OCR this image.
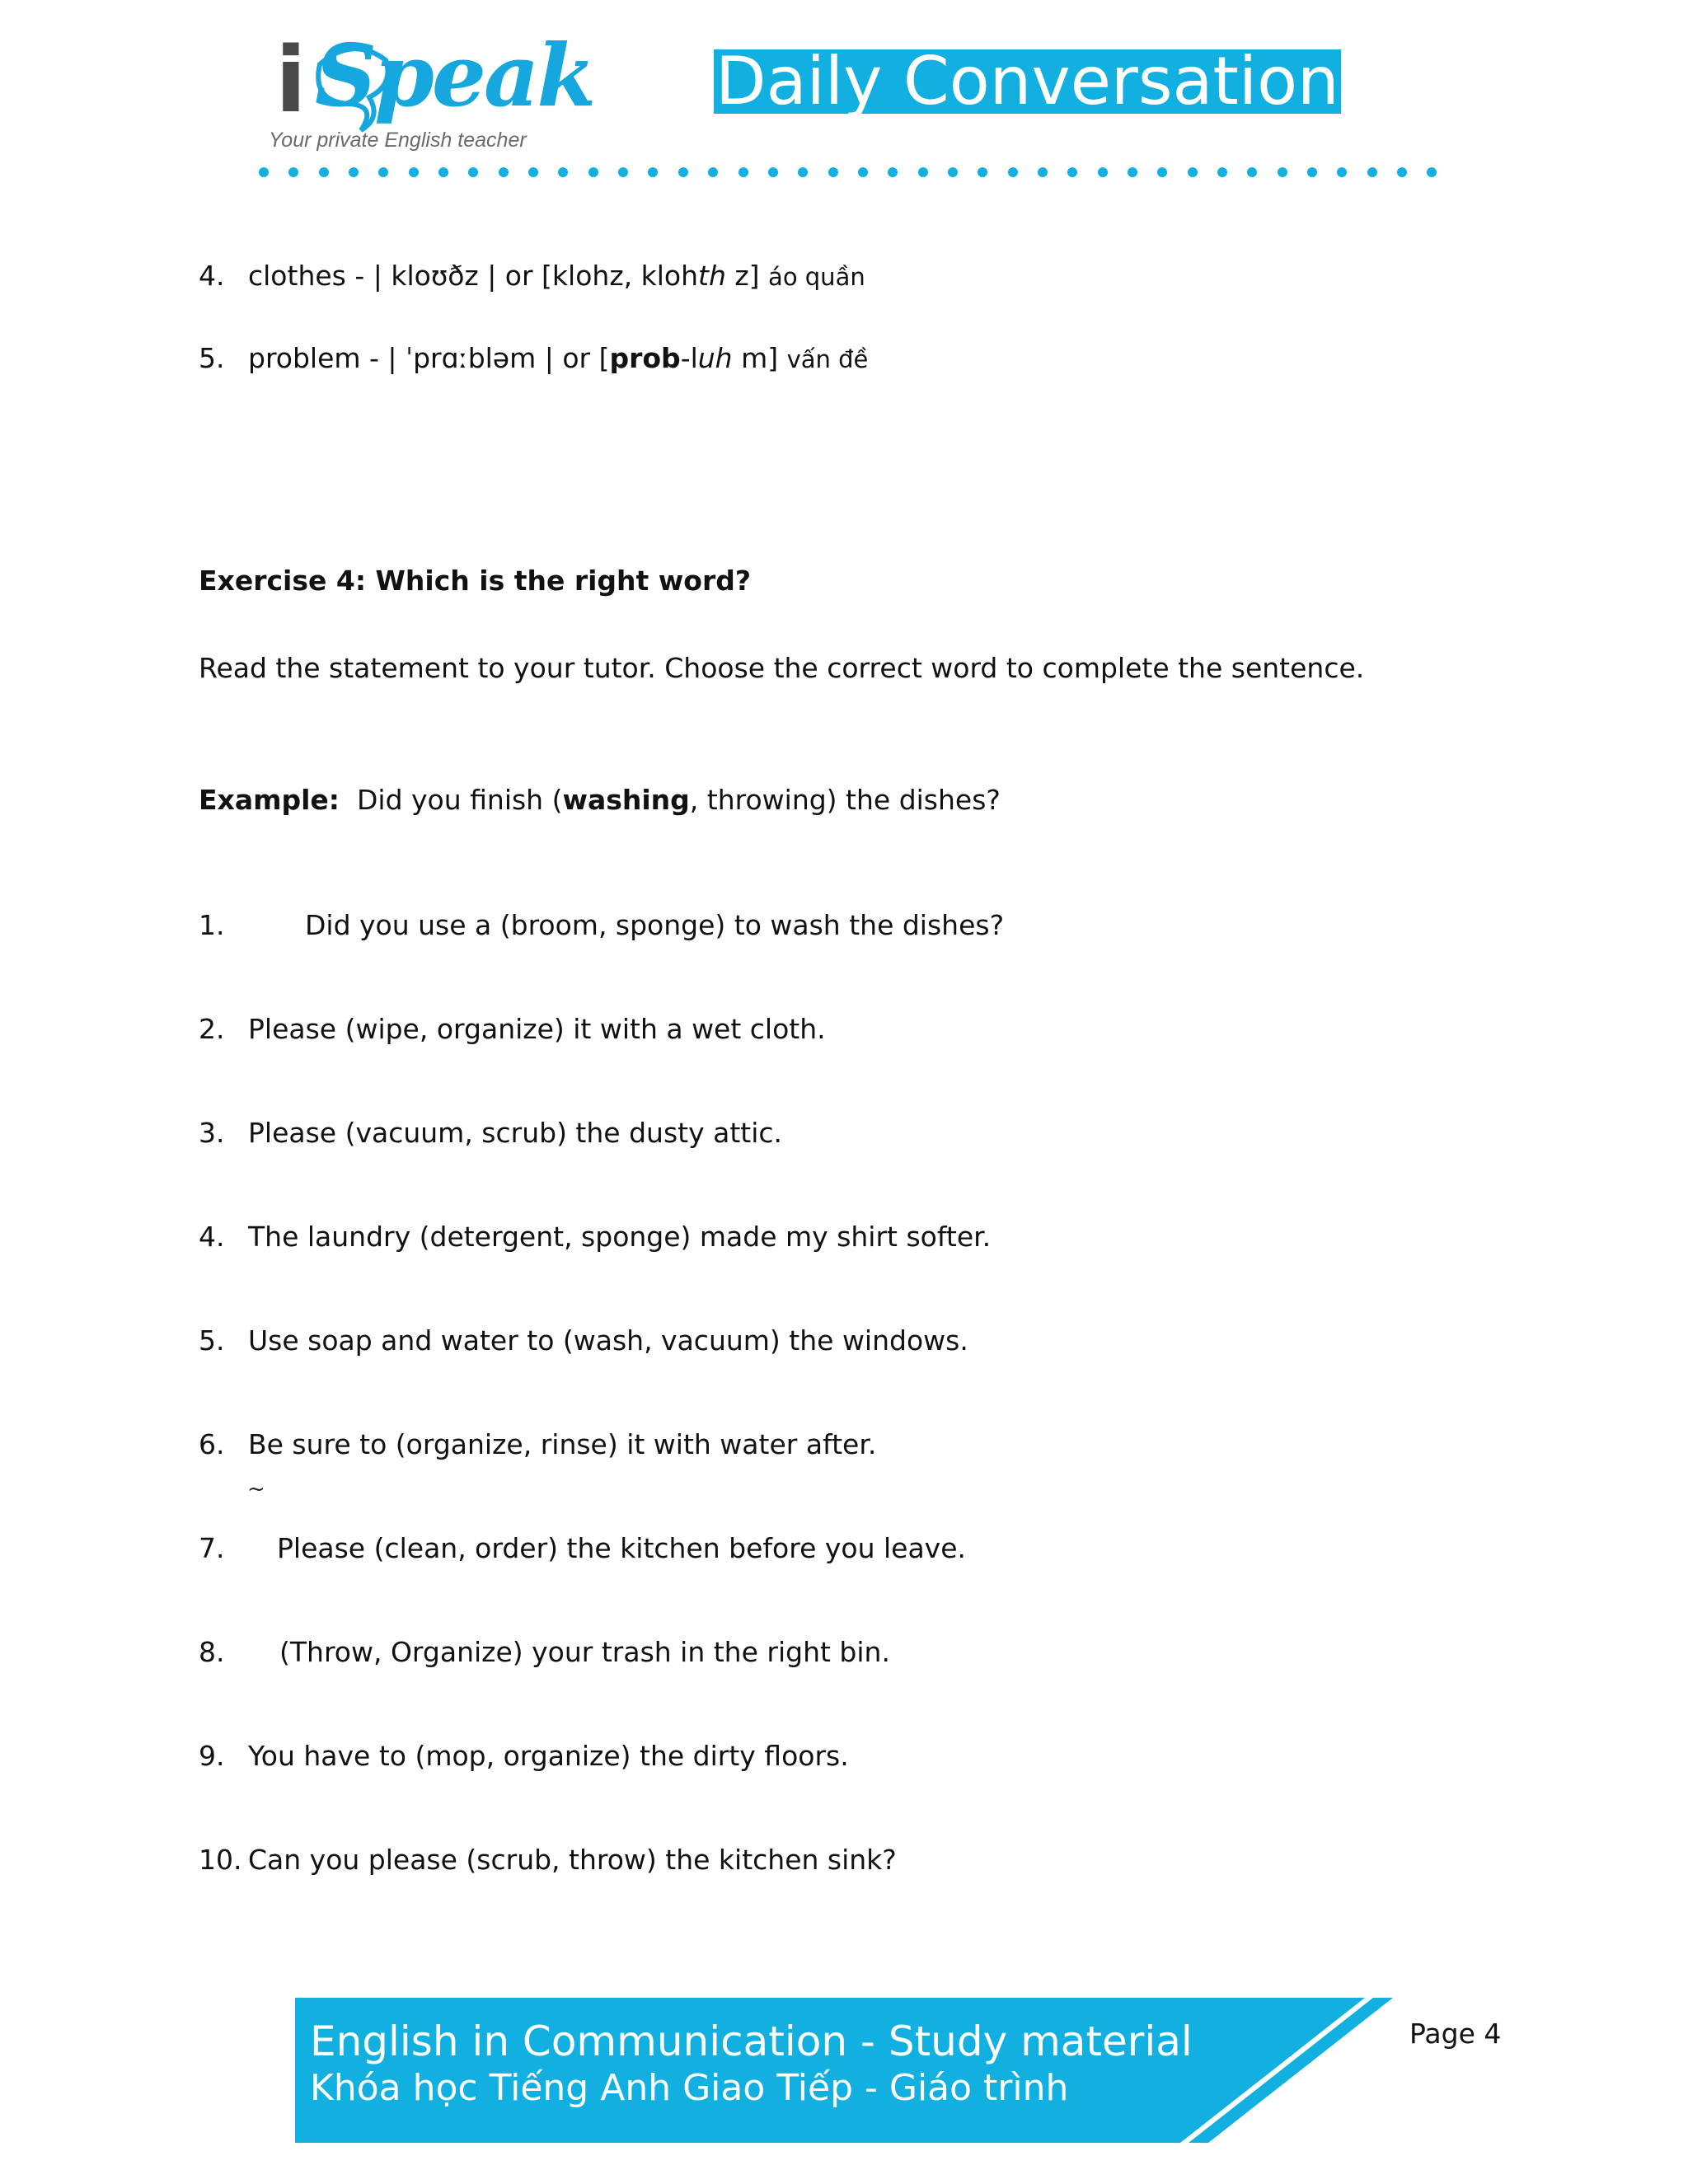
i Speak
Your private English teacher
Daily Conversation
4. clothes - | kloʊðz | or [klohz, klohth z] áo quần
5. problem - | ˈprɑːbləm | or [prob-luh m] vấn đề
Exercise 4: Which is the right word?
Read the statement to your tutor. Choose the correct word to complete the sentence.
Example: Did you finish (washing, throwing) the dishes?
1.	Did you use a (broom, sponge) to wash the dishes?
2. Please (wipe, organize) it with a wet cloth.
3. Please (vacuum, scrub) the dusty attic.
4. The laundry (detergent, sponge) made my shirt softer.
5. Use soap and water to (wash, vacuum) the windows.
6. Be sure to (organize, rinse) it with water after.
~
7. Please (clean, order) the kitchen before you leave.
8. (Throw, Organize) your trash in the right bin.
9. You have to (mop, organize) the dirty floors.
10. Can you please (scrub, throw) the kitchen sink?
English in Communication - Study material
Khóa học Tiếng Anh Giao Tiếp - Giáo trình
Page 4
